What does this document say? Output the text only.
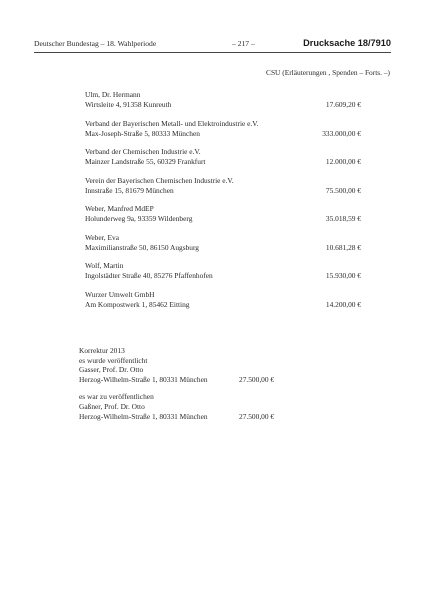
Deutscher Bundestag – 18. Wahlperiode	– 217 –	Drucksache 18/7910
CSU (Erläuterungen , Spenden – Forts. –)
Ulm, Dr. Hermann
Wirtsleite 4, 91358 Kunreuth	17.609,20 €
Verband der Bayerischen Metall- und Elektroindustrie e.V.
Max-Joseph-Straße 5, 80333 München	333.000,00 €
Verband der Chemischen Industrie e.V.
Mainzer Landstraße 55, 60329 Frankfurt	12.000,00 €
Verein der Bayerischen Chemischen Industrie e.V.
Innstraße 15, 81679 München	75.500,00 €
Weber, Manfred MdEP
Holunderweg 9a, 93359 Wildenberg	35.018,59 €
Weber, Eva
Maximilianstraße 50, 86150 Augsburg	10.681,28 €
Wolf, Martin
Ingolstädter Straße 40, 85276 Pfaffenhofen	15.930,00 €
Wurzer Umwelt GmbH
Am Kompostwerk 1, 85462 Eitting	14.200,00 €
Korrektur 2013
es wurde veröffentlicht
Gasser, Prof. Dr. Otto
Herzog-Wilhelm-Straße 1, 80331 München	27.500,00 €
es war zu veröffentlichen
Gaßner, Prof. Dr. Otto
Herzog-Wilhelm-Straße 1, 80331 München	27.500,00 €
